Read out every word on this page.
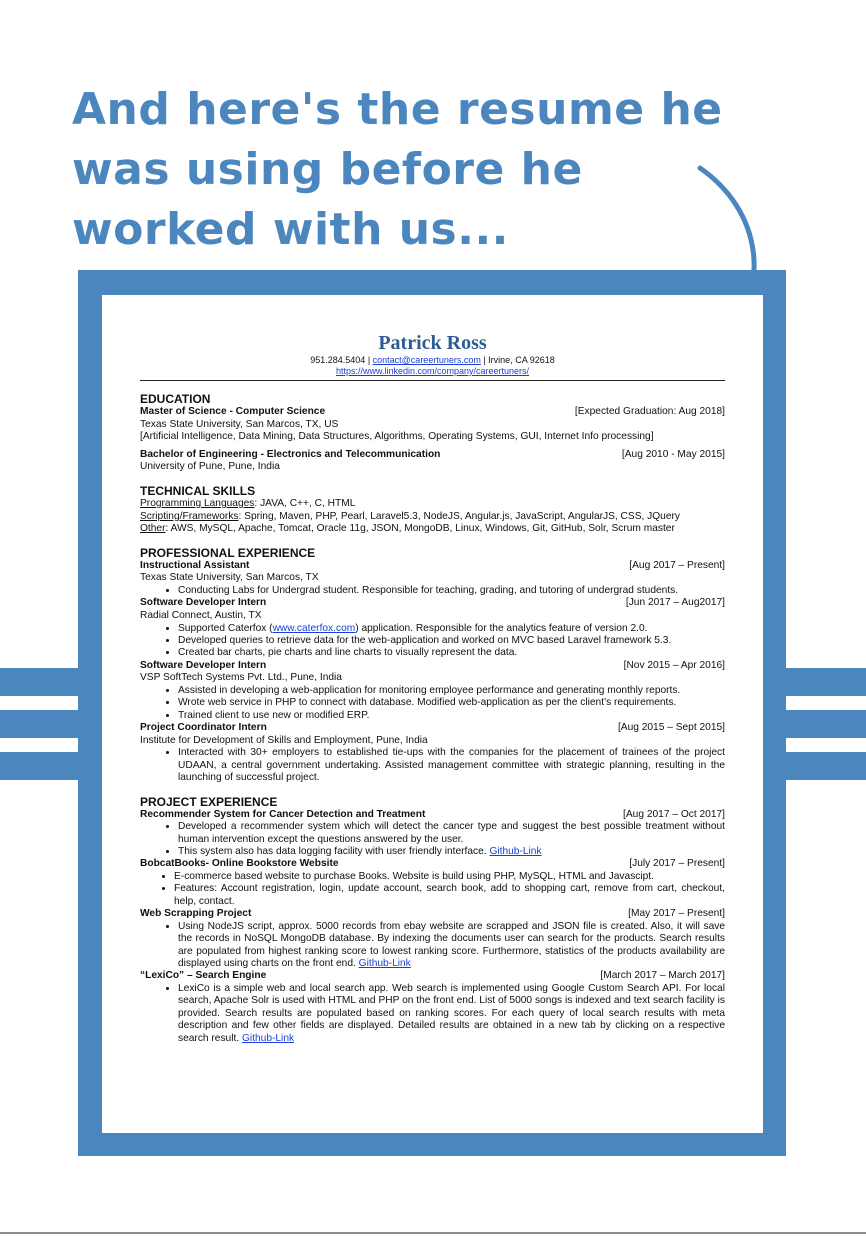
And here's the resume he was using before he worked with us...
Patrick Ross
951.284.5404 | contact@careertuners.com | Irvine, CA 92618
https://www.linkedin.com/company/careertuners/
EDUCATION
Master of Science - Computer Science	[Expected Graduation: Aug 2018]
Texas State University, San Marcos, TX, US
[Artificial Intelligence, Data Mining, Data Structures, Algorithms, Operating Systems, GUI, Internet Info processing]
Bachelor of Engineering - Electronics and Telecommunication	[Aug 2010 - May 2015]
University of Pune, Pune, India
TECHNICAL SKILLS
Programming Languages: JAVA, C++, C, HTML
Scripting/Frameworks: Spring, Maven, PHP, Pearl, Laravel5.3, NodeJS, Angular.js, JavaScript, AngularJS, CSS, JQuery
Other: AWS, MySQL, Apache, Tomcat, Oracle 11g, JSON, MongoDB, Linux, Windows, Git, GitHub, Solr, Scrum master
PROFESSIONAL EXPERIENCE
Instructional Assistant	[Aug 2017 – Present]
Texas State University, San Marcos, TX
• Conducting Labs for Undergrad student. Responsible for teaching, grading, and tutoring of undergrad students.
Software Developer Intern	[Jun 2017 – Aug2017]
Radial Connect, Austin, TX
• Supported Caterfox (www.caterfox.com) application. Responsible for the analytics feature of version 2.0.
• Developed queries to retrieve data for the web-application and worked on MVC based Laravel framework 5.3.
• Created bar charts, pie charts and line charts to visually represent the data.
Software Developer Intern	[Nov 2015 – Apr 2016]
VSP SoftTech Systems Pvt. Ltd., Pune, India
• Assisted in developing a web-application for monitoring employee performance and generating monthly reports.
• Wrote web service in PHP to connect with database. Modified web-application as per the client’s requirements.
• Trained client to use new or modified ERP.
Project Coordinator Intern	[Aug 2015 – Sept 2015]
Institute for Development of Skills and Employment, Pune, India
• Interacted with 30+ employers to established tie-ups with the companies for the placement of trainees of the project UDAAN, a central government undertaking. Assisted management committee with strategic planning, resulting in the launching of successful project.
PROJECT EXPERIENCE
Recommender System for Cancer Detection and Treatment	[Aug 2017 – Oct 2017]
• Developed a recommender system which will detect the cancer type and suggest the best possible treatment without human intervention except the questions answered by the user.
• This system also has data logging facility with user friendly interface. Github-Link
BobcatBooks- Online Bookstore Website	[July 2017 – Present]
• E-commerce based website to purchase Books. Website is build using PHP, MySQL, HTML and Javascipt.
• Features: Account registration, login, update account, search book, add to shopping cart, remove from cart, checkout, help, contact.
Web Scrapping Project	[May 2017 – Present]
• Using NodeJS script, approx. 5000 records from ebay website are scrapped and JSON file is created. Also, it will save the records in NoSQL MongoDB database. By indexing the documents user can search for the products. Search results are populated from highest ranking score to lowest ranking score. Furthermore, statistics of the products availability are displayed using charts on the front end. Github-Link
“LexiCo” – Search Engine	[March 2017 – March 2017]
• LexiCo is a simple web and local search app. Web search is implemented using Google Custom Search API. For local search, Apache Solr is used with HTML and PHP on the front end. List of 5000 songs is indexed and text search facility is provided. Search results are populated based on ranking scores. For each query of local search results with meta description and few other fields are displayed. Detailed results are obtained in a new tab by clicking on a respective search result. Github-Link
